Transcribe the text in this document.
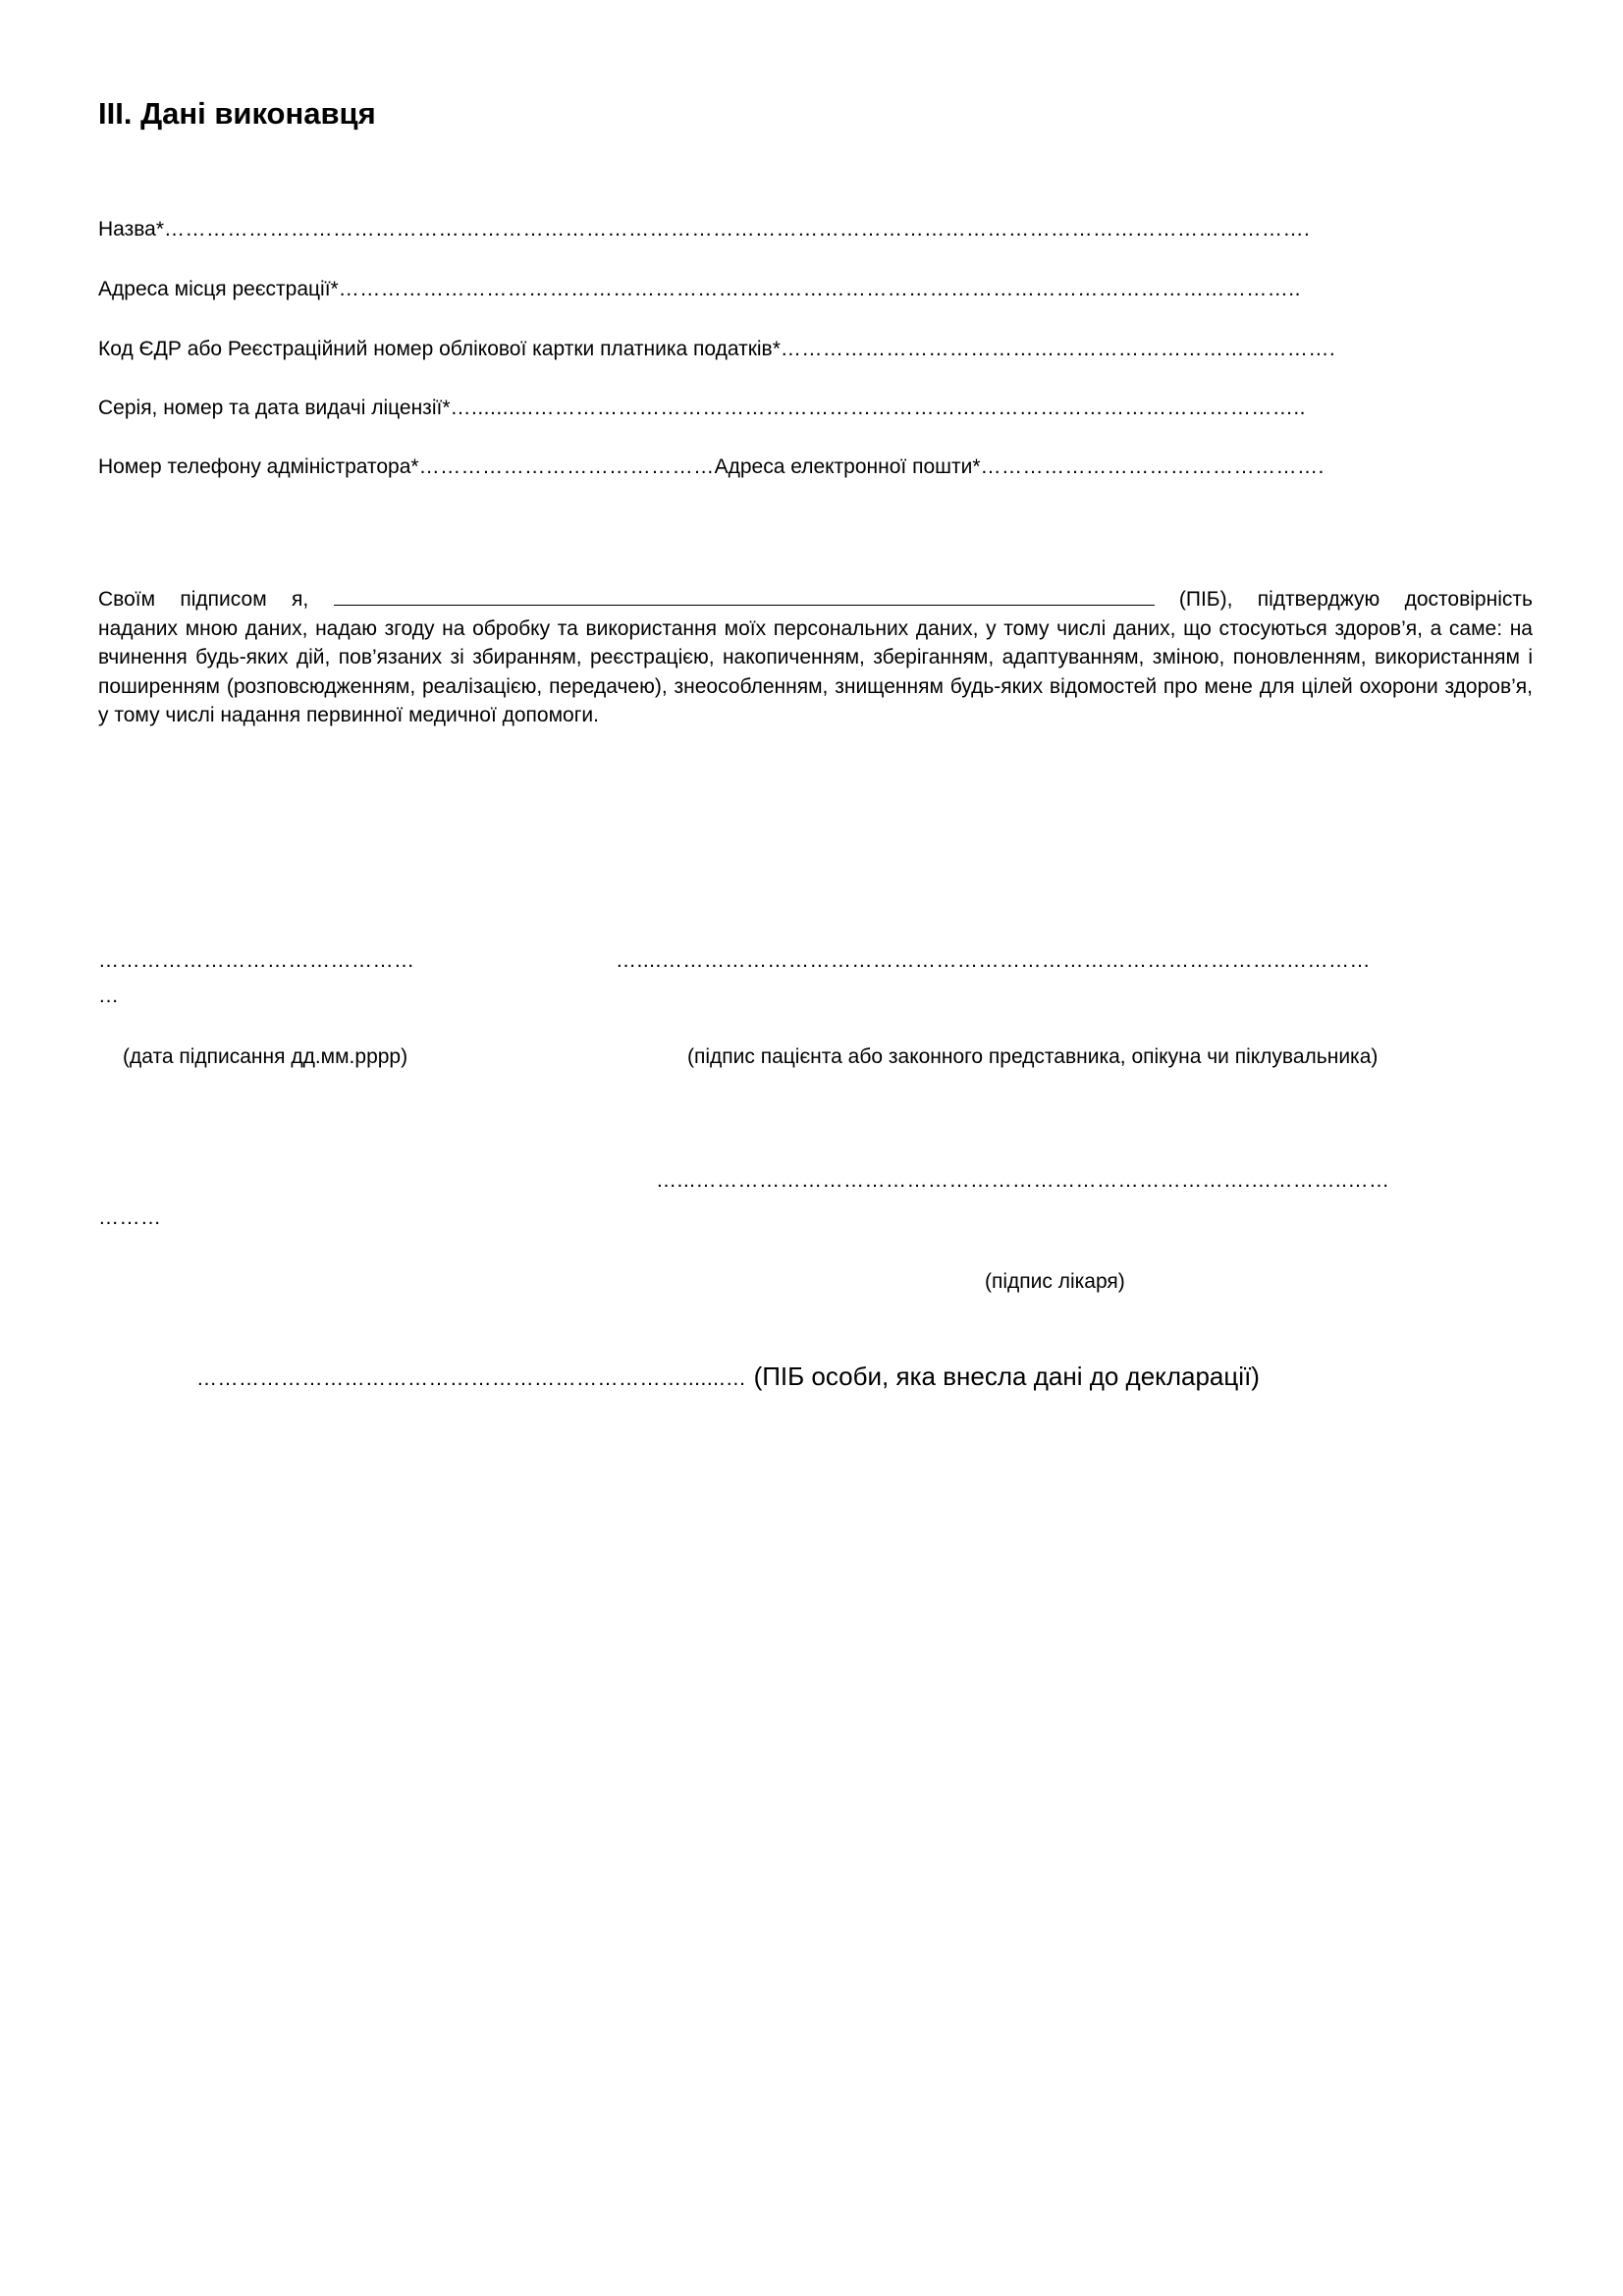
ІІІ. Дані виконавця
Назва*……………………………………………………………………………………………………………………………………………….
Адреса місця реєстрації*………………………………………………………………………………………………………………………..
Код ЄДР або Реєстраційний номер облікової картки платника податків*…………………………………………………………………….
Серія, номер та дата видачі ліцензії*…..........………………………………………………………………………………………………..
Номер телефону адміністратора*……………………………………Адреса електронної пошти*………………………………………….
Своїм підписом я,	(ПІБ), підтверджую достовірність
наданих мною даних, надаю згоду на обробку та використання моїх персональних даних, у тому числі даних, що стосуються здоров’я, а саме: на вчинення будь-яких дій, пов’язаних зі збиранням, реєстрацією, накопиченням, зберіганням, адаптуванням, зміною, поновленням, використанням і поширенням (розповсюдженням, реалізацією, передачею), знеособленням, знищенням будь-яких відомостей про мене для цілей охорони здоров’я, у тому числі надання первинної медичної допомоги.
………………………………………
…
…....……………………………………………………………………………..…………
(дата підписання дд.мм.рррр)	(підпис пацієнта або законного представника, опікуна чи піклувальника)
…...…………………………………………………………………….…………..……
………
(підпис лікаря)
…………………………………………………………….......… (ПІБ особи, яка внесла дані до декларації)
